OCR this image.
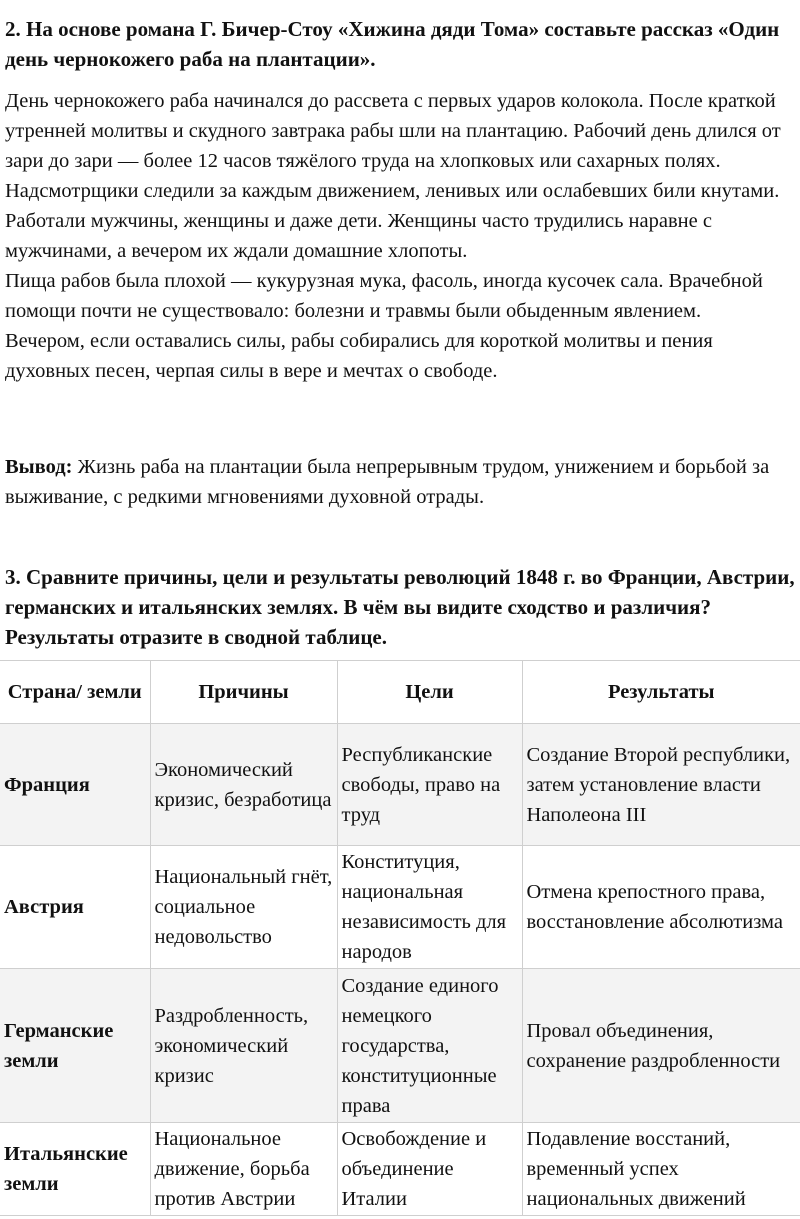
2. На основе романа Г. Бичер-Стоу «Хижина дяди Тома» составьте рассказ «Один день чернокожего раба на плантации».

День чернокожего раба начинался до рассвета с первых ударов колокола. После краткой утренней молитвы и скудного завтрака рабы шли на плантацию. Рабочий день длился от зари до зари — более 12 часов тяжёлого труда на хлопковых или сахарных полях.

Надсмотрщики следили за каждым движением, ленивых или ослабевших били кнутами. Работали мужчины, женщины и даже дети. Женщины часто трудились наравне с мужчинами, а вечером их ждали домашние хлопоты.

Пища рабов была плохой — кукурузная мука, фасоль, иногда кусочек сала. Врачебной помощи почти не существовало: болезни и травмы были обыденным явлением.

Вечером, если оставались силы, рабы собирались для короткой молитвы и пения духовных песен, черпая силы в вере и мечтах о свободе.

Вывод: Жизнь раба на плантации была непрерывным трудом, унижением и борьбой за выживание, с редкими мгновениями духовной отрады.

3. Сравните причины, цели и результаты революций 1848 г. во Франции, Австрии, германских и итальянских землях. В чём вы видите сходство и различия? Результаты отразите в сводной таблице.
Страна/ земли	Причины	Цели	Результаты
Франция	Экономический кризис, безработица	Республиканские свободы, право на труд	Создание Второй республики, затем установление власти Наполеона III
Австрия	Национальный гнёт, социальное недовольство	Конституция, национальная независимость для народов	Отмена крепостного права, восстановление абсолютизма
Германские земли	Раздробленность, экономический кризис	Создание единого немецкого государства, конституционные права	Провал объединения, сохранение раздробленности
Итальянские земли	Национальное движение, борьба против Австрии	Освобождение и объединение Италии	Подавление восстаний, временный успех национальных движений
